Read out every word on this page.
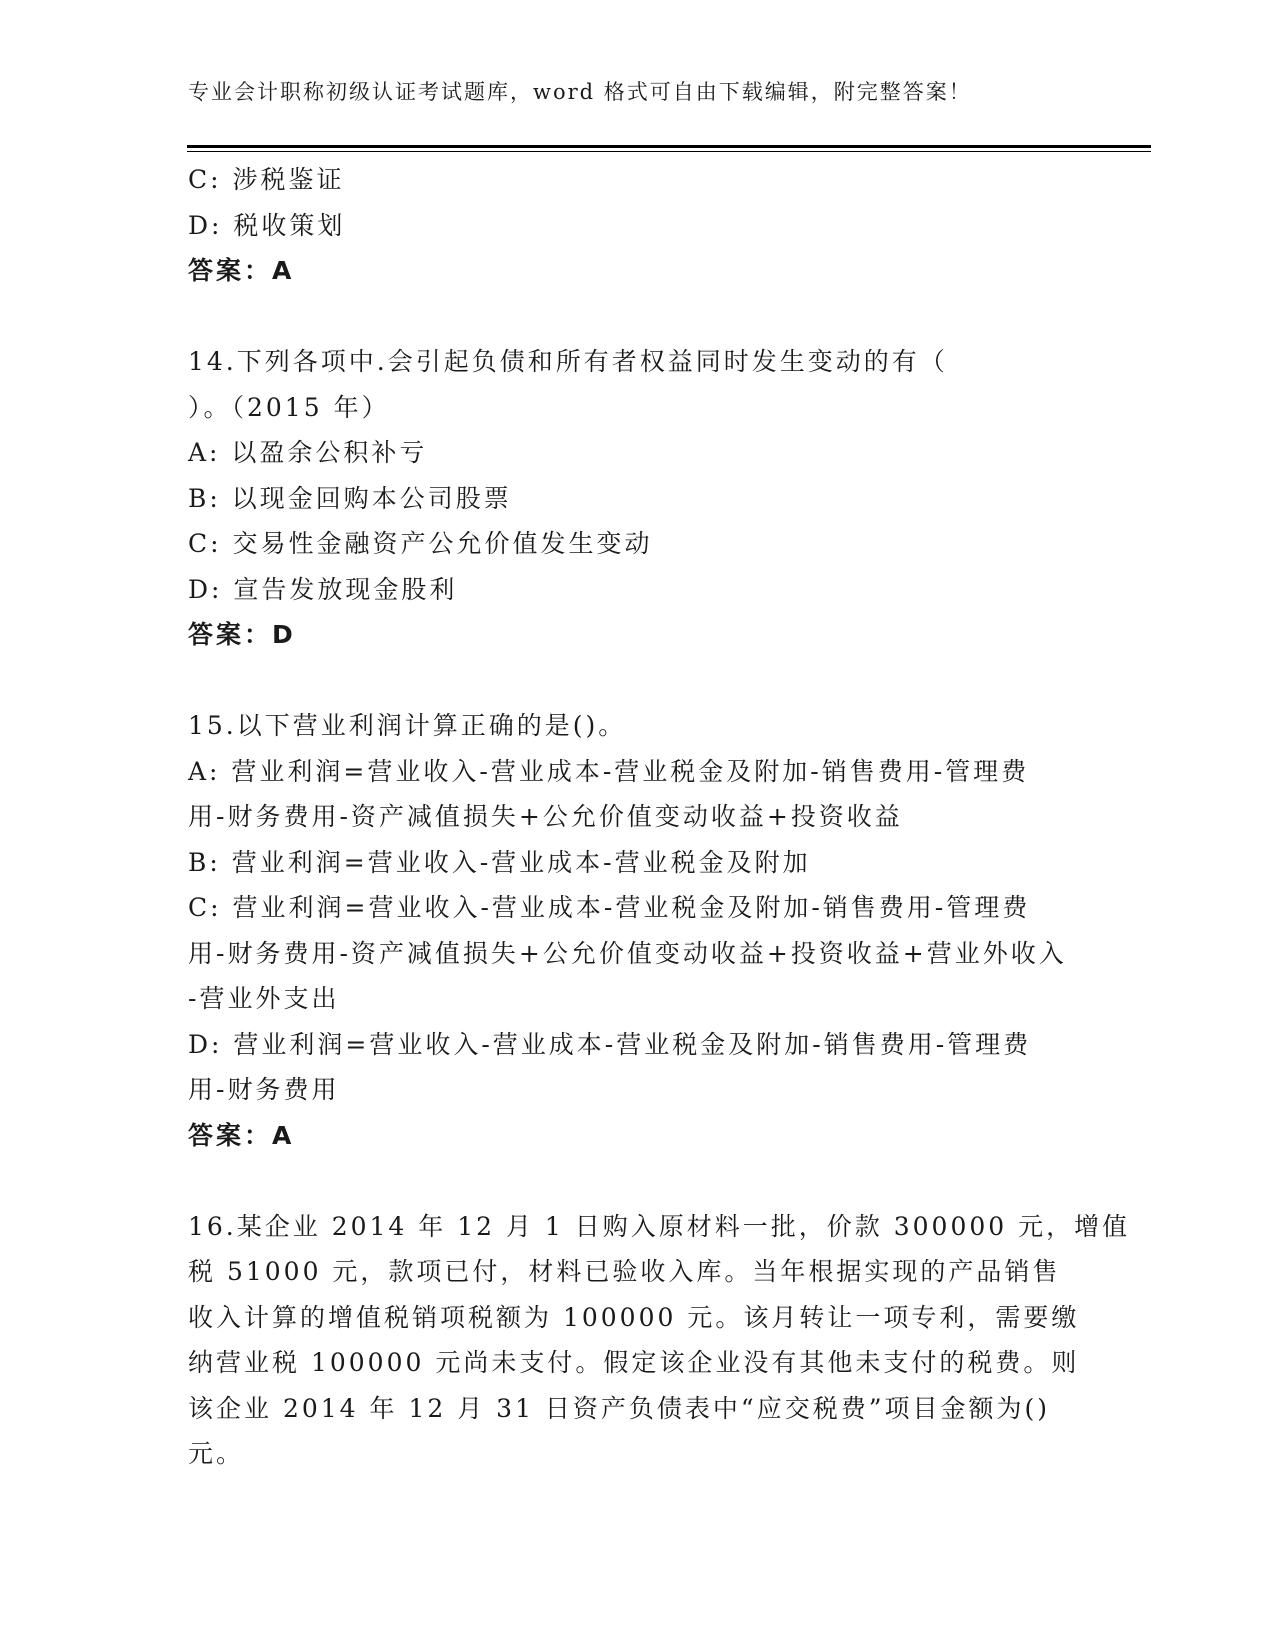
专业会计职称初级认证考试题库，word 格式可自由下载编辑，附完整答案！
C: 涉税鉴证
D: 税收策划
答案：A
14.下列各项中.会引起负债和所有者权益同时发生变动的有（
）。（2015 年）
A: 以盈余公积补亏
B: 以现金回购本公司股票
C: 交易性金融资产公允价值发生变动
D: 宣告发放现金股利
答案：D
15.以下营业利润计算正确的是()。
A: 营业利润=营业收入-营业成本-营业税金及附加-销售费用-管理费
用-财务费用-资产减值损失+公允价值变动收益+投资收益
B: 营业利润=营业收入-营业成本-营业税金及附加
C: 营业利润=营业收入-营业成本-营业税金及附加-销售费用-管理费
用-财务费用-资产减值损失+公允价值变动收益+投资收益+营业外收入
-营业外支出
D: 营业利润=营业收入-营业成本-营业税金及附加-销售费用-管理费
用-财务费用
答案：A
16.某企业 2014 年 12 月 1 日购入原材料一批，价款 300000 元，增值
税 51000 元，款项已付，材料已验收入库。当年根据实现的产品销售
收入计算的增值税销项税额为 100000 元。该月转让一项专利，需要缴
纳营业税 100000 元尚未支付。假定该企业没有其他未支付的税费。则
该企业 2014 年 12 月 31 日资产负债表中“应交税费”项目金额为()
元。
